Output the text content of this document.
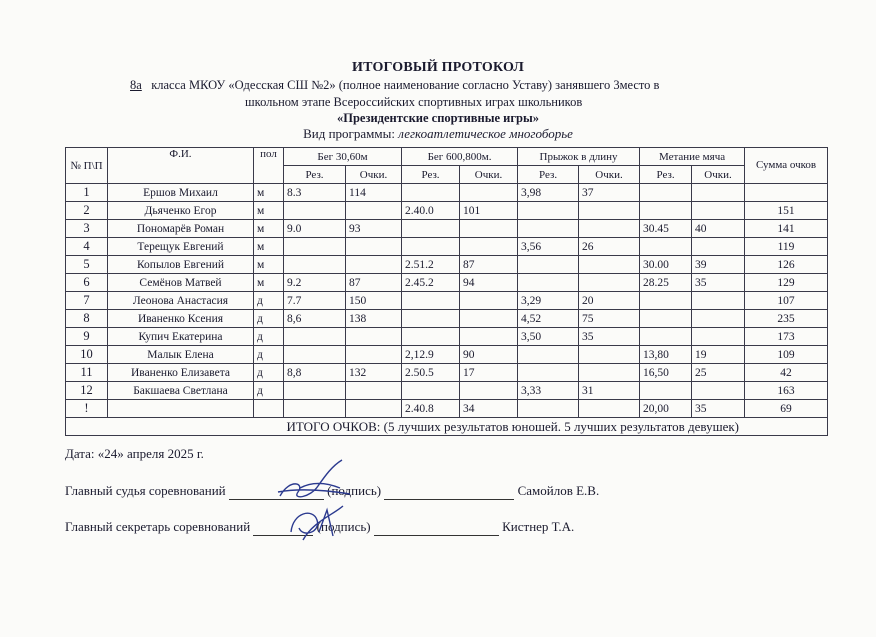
ИТОГОВЫЙ ПРОТОКОЛ
8а класса МКОУ «Одесская СШ №2» (полное наименование согласно Уставу) занявшего 3место в
школьном этапе Всероссийских спортивных играх школьников
«Президентские спортивные игры»
Вид программы: легкоатлетическое многоборье
№ П\П	Ф.И.	пол	Бег 30,60м		Бег 600,800м.		Прыжок в длину		Метание мяча		Сумма очков
			Рез.	Очки.	Рез.	Очки.	Рез.	Очки.	Рез.	Очки.	
1	Ершов Михаил	м	8.3	114			3,98	37			
2	Дьяченко Егор	м			2.40.0	101					151
3	Пономарёв Роман	м	9.0	93					30.45	40	141
4	Терещук Евгений	м					3,56	26			119
5	Копылов Евгений	м			2.51.2	87			30.00	39	126
6	Семёнов Матвей	м	9.2	87	2.45.2	94			28.25	35	129
7	Леонова Анастасия	д	7.7	150			3,29	20			107
8	Иваненко Ксения	д	8,6	138			4,52	75			235
9	Купич Екатерина	д					3,50	35			173
10	Малык Елена	д			2,12.9	90			13,80	19	109
11	Иваненко Елизавета	д	8,8	132	2.50.5	17			16,50	25	42
12	Бакшаева Светлана	д					3,33	31			163
!					2.40.8	34			20,00	35	69
			ИТОГО ОЧКОВ: (5 лучших результатов юношей. 5 лучших результатов девушек)								
Дата: «24» апреля 2025 г.
Главный судья соревнований	(подпись)	Самойлов Е.В.
Главный секретарь соревнований	(подпись)	Кистнер Т.А.
